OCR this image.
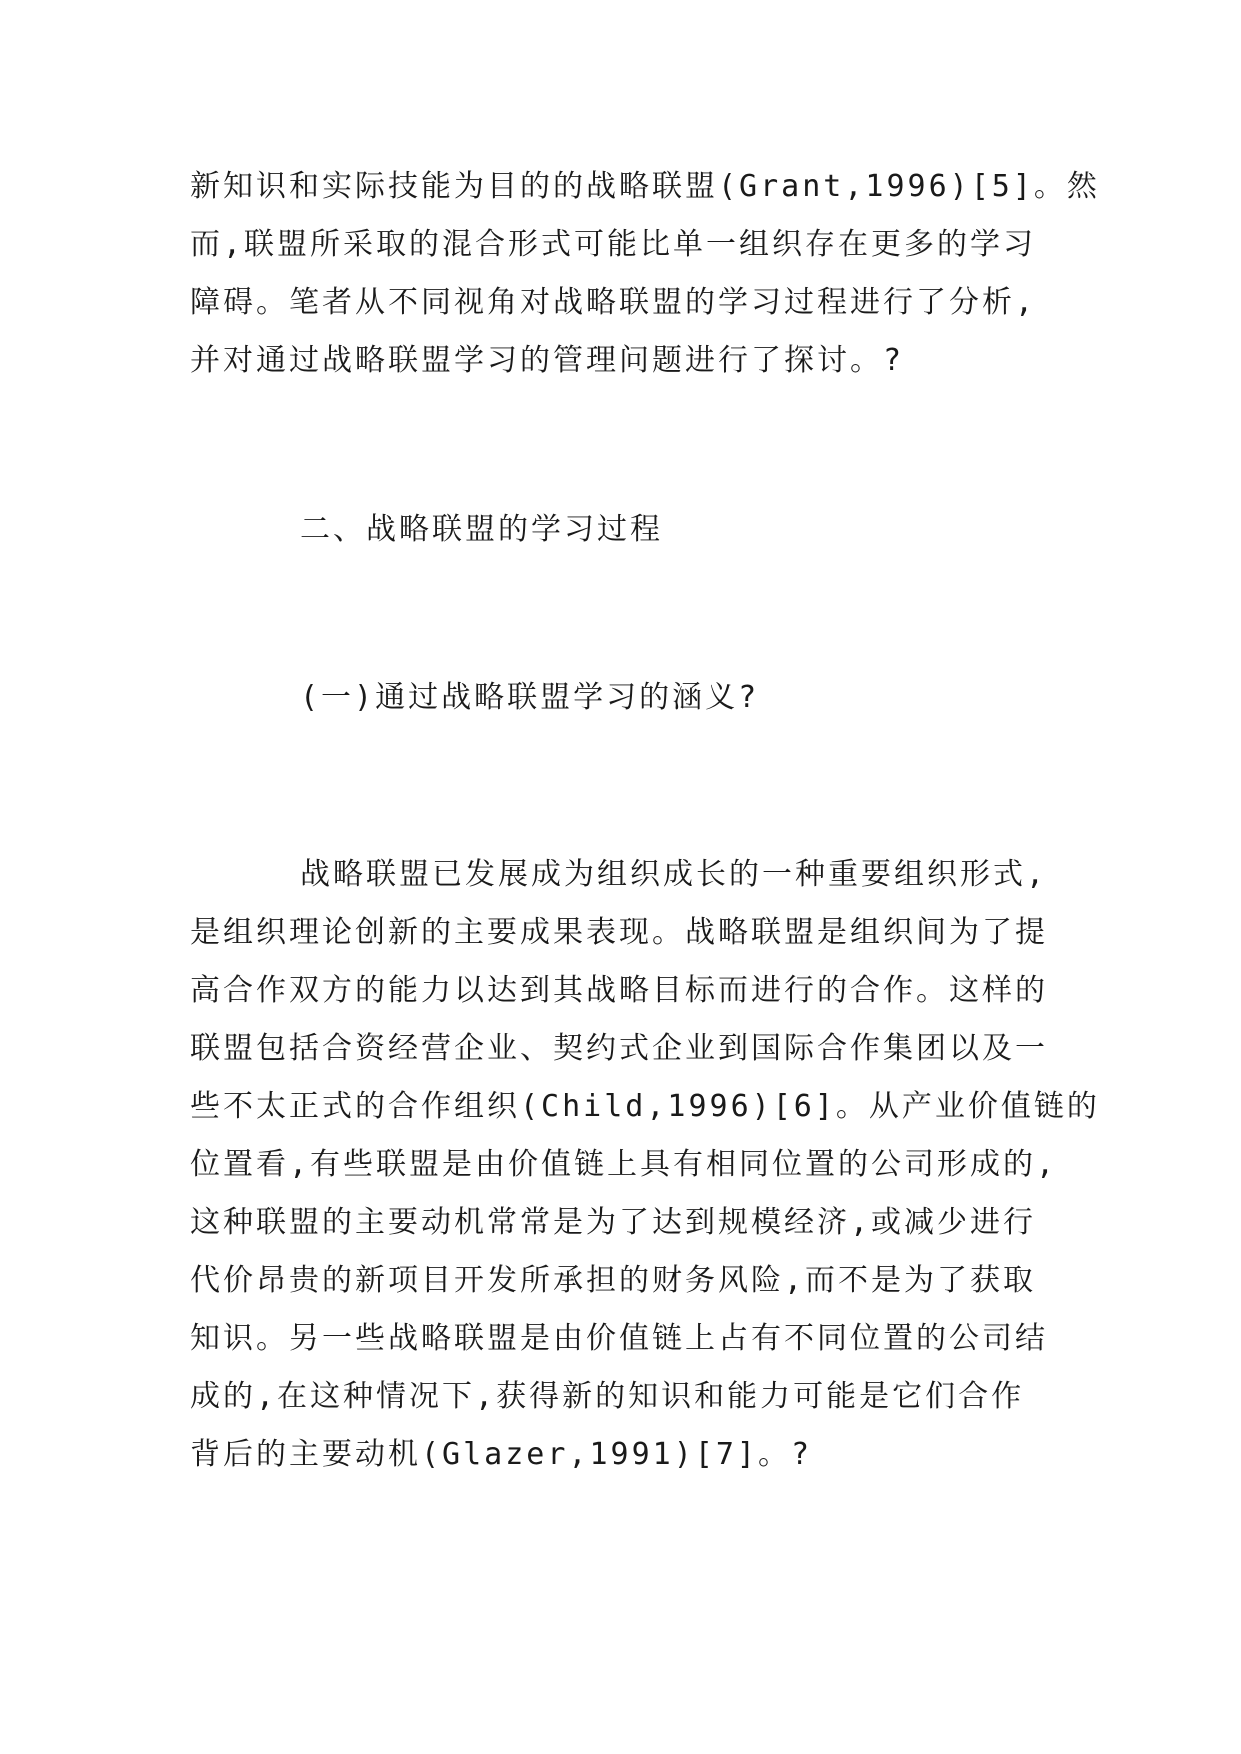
新知识和实际技能为目的的战略联盟(Grant,1996)[5]。然
而,联盟所采取的混合形式可能比单一组织存在更多的学习
障碍。笔者从不同视角对战略联盟的学习过程进行了分析,
并对通过战略联盟学习的管理问题进行了探讨。?
二、战略联盟的学习过程
(一)通过战略联盟学习的涵义?
战略联盟已发展成为组织成长的一种重要组织形式,
是组织理论创新的主要成果表现。战略联盟是组织间为了提
高合作双方的能力以达到其战略目标而进行的合作。这样的
联盟包括合资经营企业、契约式企业到国际合作集团以及一
些不太正式的合作组织(Child,1996)[6]。从产业价值链的
位置看,有些联盟是由价值链上具有相同位置的公司形成的,
这种联盟的主要动机常常是为了达到规模经济,或减少进行
代价昂贵的新项目开发所承担的财务风险,而不是为了获取
知识。另一些战略联盟是由价值链上占有不同位置的公司结
成的,在这种情况下,获得新的知识和能力可能是它们合作
背后的主要动机(Glazer,1991)[7]。?
